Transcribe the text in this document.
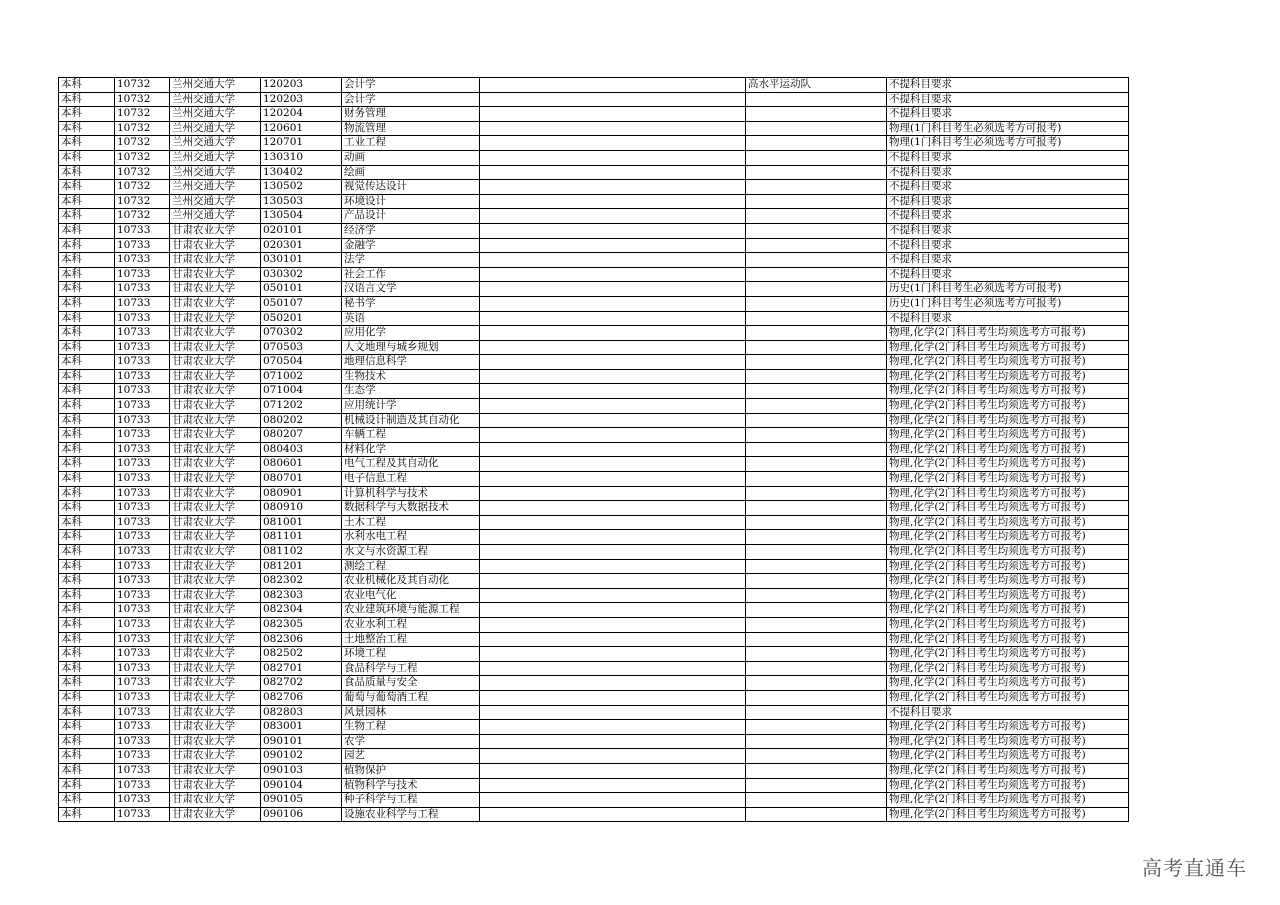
本科	10732	兰州交通大学	120203	会计学		高水平运动队	不提科目要求
本科	10732	兰州交通大学	120203	会计学			不提科目要求
本科	10732	兰州交通大学	120204	财务管理			不提科目要求
本科	10732	兰州交通大学	120601	物流管理			物理(1门科目考生必须选考方可报考)
本科	10732	兰州交通大学	120701	工业工程			物理(1门科目考生必须选考方可报考)
本科	10732	兰州交通大学	130310	动画			不提科目要求
本科	10732	兰州交通大学	130402	绘画			不提科目要求
本科	10732	兰州交通大学	130502	视觉传达设计			不提科目要求
本科	10732	兰州交通大学	130503	环境设计			不提科目要求
本科	10732	兰州交通大学	130504	产品设计			不提科目要求
本科	10733	甘肃农业大学	020101	经济学			不提科目要求
本科	10733	甘肃农业大学	020301	金融学			不提科目要求
本科	10733	甘肃农业大学	030101	法学			不提科目要求
本科	10733	甘肃农业大学	030302	社会工作			不提科目要求
本科	10733	甘肃农业大学	050101	汉语言文学			历史(1门科目考生必须选考方可报考)
本科	10733	甘肃农业大学	050107	秘书学			历史(1门科目考生必须选考方可报考)
本科	10733	甘肃农业大学	050201	英语			不提科目要求
本科	10733	甘肃农业大学	070302	应用化学			物理,化学(2门科目考生均须选考方可报考)
本科	10733	甘肃农业大学	070503	人文地理与城乡规划			物理,化学(2门科目考生均须选考方可报考)
本科	10733	甘肃农业大学	070504	地理信息科学			物理,化学(2门科目考生均须选考方可报考)
本科	10733	甘肃农业大学	071002	生物技术			物理,化学(2门科目考生均须选考方可报考)
本科	10733	甘肃农业大学	071004	生态学			物理,化学(2门科目考生均须选考方可报考)
本科	10733	甘肃农业大学	071202	应用统计学			物理,化学(2门科目考生均须选考方可报考)
本科	10733	甘肃农业大学	080202	机械设计制造及其自动化			物理,化学(2门科目考生均须选考方可报考)
本科	10733	甘肃农业大学	080207	车辆工程			物理,化学(2门科目考生均须选考方可报考)
本科	10733	甘肃农业大学	080403	材料化学			物理,化学(2门科目考生均须选考方可报考)
本科	10733	甘肃农业大学	080601	电气工程及其自动化			物理,化学(2门科目考生均须选考方可报考)
本科	10733	甘肃农业大学	080701	电子信息工程			物理,化学(2门科目考生均须选考方可报考)
本科	10733	甘肃农业大学	080901	计算机科学与技术			物理,化学(2门科目考生均须选考方可报考)
本科	10733	甘肃农业大学	080910	数据科学与大数据技术			物理,化学(2门科目考生均须选考方可报考)
本科	10733	甘肃农业大学	081001	土木工程			物理,化学(2门科目考生均须选考方可报考)
本科	10733	甘肃农业大学	081101	水利水电工程			物理,化学(2门科目考生均须选考方可报考)
本科	10733	甘肃农业大学	081102	水文与水资源工程			物理,化学(2门科目考生均须选考方可报考)
本科	10733	甘肃农业大学	081201	测绘工程			物理,化学(2门科目考生均须选考方可报考)
本科	10733	甘肃农业大学	082302	农业机械化及其自动化			物理,化学(2门科目考生均须选考方可报考)
本科	10733	甘肃农业大学	082303	农业电气化			物理,化学(2门科目考生均须选考方可报考)
本科	10733	甘肃农业大学	082304	农业建筑环境与能源工程			物理,化学(2门科目考生均须选考方可报考)
本科	10733	甘肃农业大学	082305	农业水利工程			物理,化学(2门科目考生均须选考方可报考)
本科	10733	甘肃农业大学	082306	土地整治工程			物理,化学(2门科目考生均须选考方可报考)
本科	10733	甘肃农业大学	082502	环境工程			物理,化学(2门科目考生均须选考方可报考)
本科	10733	甘肃农业大学	082701	食品科学与工程			物理,化学(2门科目考生均须选考方可报考)
本科	10733	甘肃农业大学	082702	食品质量与安全			物理,化学(2门科目考生均须选考方可报考)
本科	10733	甘肃农业大学	082706	葡萄与葡萄酒工程			物理,化学(2门科目考生均须选考方可报考)
本科	10733	甘肃农业大学	082803	风景园林			不提科目要求
本科	10733	甘肃农业大学	083001	生物工程			物理,化学(2门科目考生均须选考方可报考)
本科	10733	甘肃农业大学	090101	农学			物理,化学(2门科目考生均须选考方可报考)
本科	10733	甘肃农业大学	090102	园艺			物理,化学(2门科目考生均须选考方可报考)
本科	10733	甘肃农业大学	090103	植物保护			物理,化学(2门科目考生均须选考方可报考)
本科	10733	甘肃农业大学	090104	植物科学与技术			物理,化学(2门科目考生均须选考方可报考)
本科	10733	甘肃农业大学	090105	种子科学与工程			物理,化学(2门科目考生均须选考方可报考)
本科	10733	甘肃农业大学	090106	设施农业科学与工程			物理,化学(2门科目考生均须选考方可报考)
高考直通车
